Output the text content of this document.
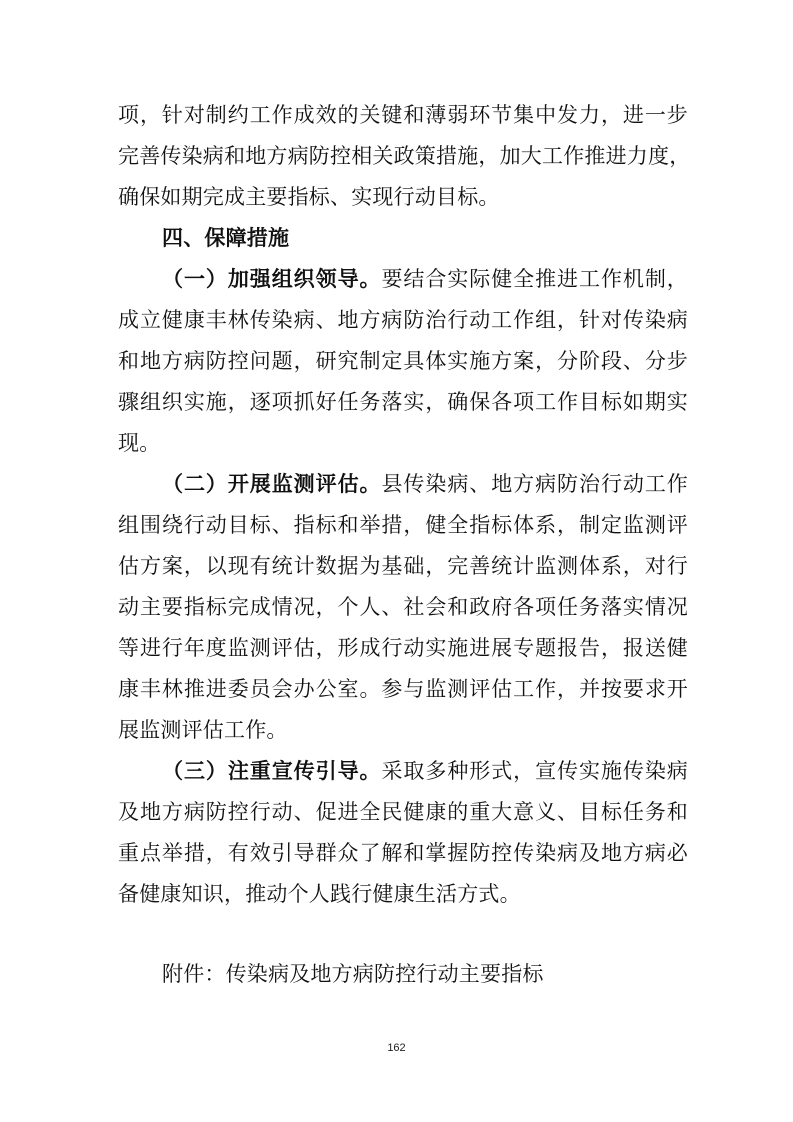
项，针对制约工作成效的关键和薄弱环节集中发力，进一步
完善传染病和地方病防控相关政策措施，加大工作推进力度，
确保如期完成主要指标、实现行动目标。
四、保障措施
（一）加强组织领导。要结合实际健全推进工作机制，
成立健康丰林传染病、地方病防治行动工作组，针对传染病
和地方病防控问题，研究制定具体实施方案，分阶段、分步
骤组织实施，逐项抓好任务落实，确保各项工作目标如期实
现。
（二）开展监测评估。县传染病、地方病防治行动工作
组围绕行动目标、指标和举措，健全指标体系，制定监测评
估方案，以现有统计数据为基础，完善统计监测体系，对行
动主要指标完成情况，个人、社会和政府各项任务落实情况
等进行年度监测评估，形成行动实施进展专题报告，报送健
康丰林推进委员会办公室。参与监测评估工作，并按要求开
展监测评估工作。
（三）注重宣传引导。采取多种形式，宣传实施传染病
及地方病防控行动、促进全民健康的重大意义、目标任务和
重点举措，有效引导群众了解和掌握防控传染病及地方病必
备健康知识，推动个人践行健康生活方式。
附件：传染病及地方病防控行动主要指标
162
